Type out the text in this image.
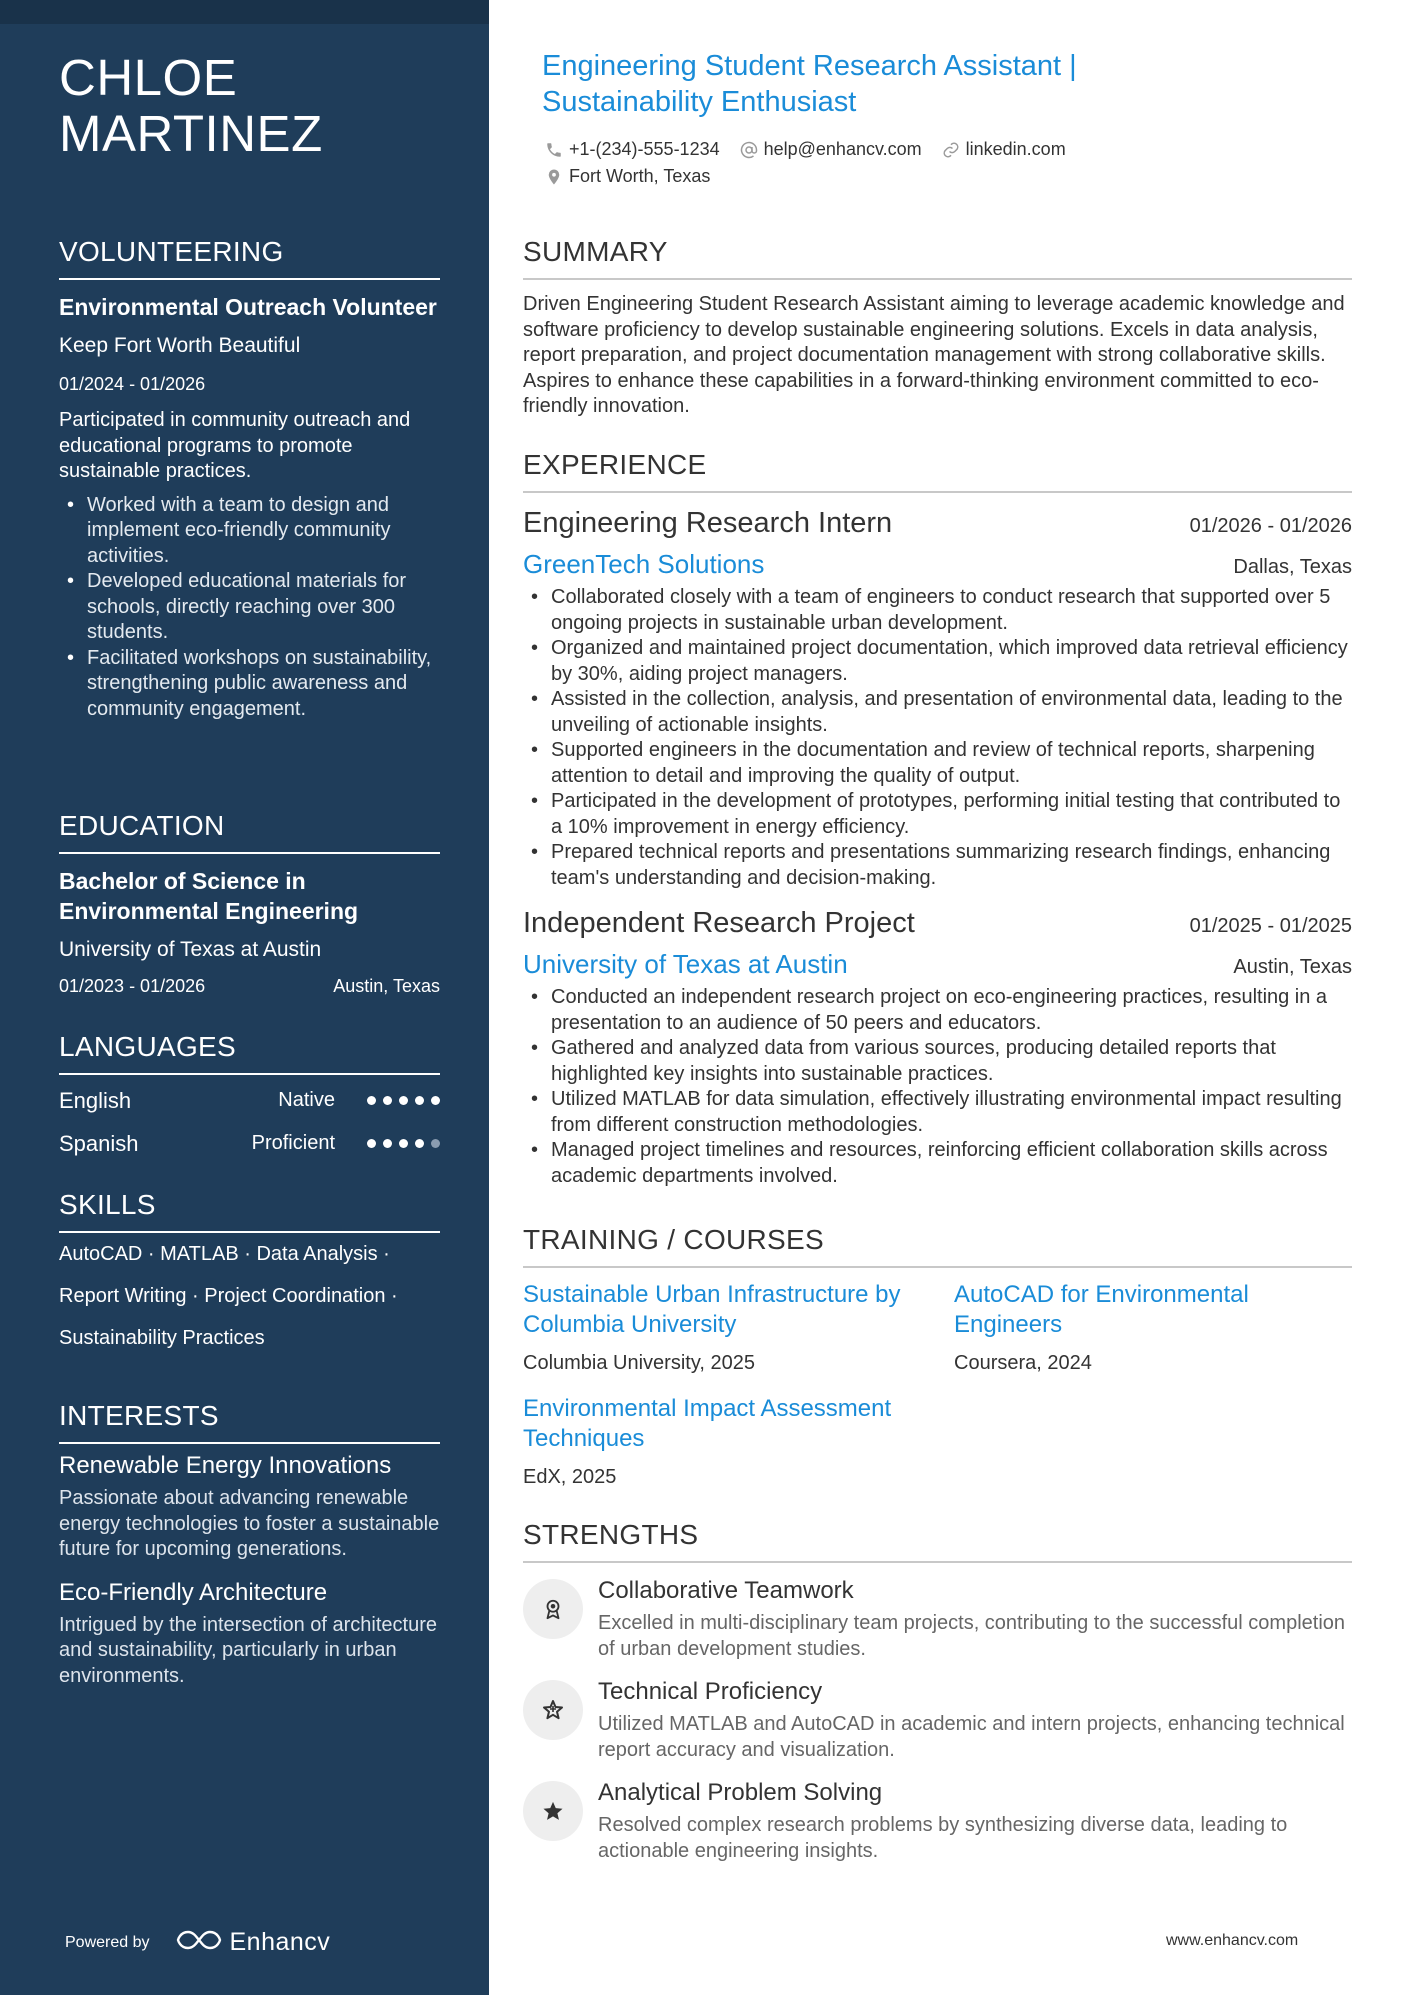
CHLOE MARTINEZ
VOLUNTEERING
Environmental Outreach Volunteer
Keep Fort Worth Beautiful
01/2024 - 01/2026
Participated in community outreach and educational programs to promote sustainable practices.
• Worked with a team to design and implement eco-friendly community activities.
• Developed educational materials for schools, directly reaching over 300 students.
• Facilitated workshops on sustainability, strengthening public awareness and community engagement.
EDUCATION
Bachelor of Science in Environmental Engineering
University of Texas at Austin
01/2023 - 01/2026	Austin, Texas
LANGUAGES
English	Native
Spanish	Proficient
SKILLS
AutoCAD · MATLAB · Data Analysis ·
Report Writing · Project Coordination ·
Sustainability Practices
INTERESTS
Renewable Energy Innovations
Passionate about advancing renewable energy technologies to foster a sustainable future for upcoming generations.
Eco-Friendly Architecture
Intrigued by the intersection of architecture and sustainability, particularly in urban environments.
Powered by	Enhancv
Engineering Student Research Assistant | Sustainability Enthusiast
+1-(234)-555-1234 help@enhancv.com linkedin.com
Fort Worth, Texas
SUMMARY

Driven Engineering Student Research Assistant aiming to leverage academic knowledge and software proficiency to develop sustainable engineering solutions. Excels in data analysis, report preparation, and project documentation management with strong collaborative skills. Aspires to enhance these capabilities in a forward-thinking environment committed to eco-friendly innovation.

EXPERIENCE
Engineering Research Intern	01/2026 - 01/2026
GreenTech Solutions	Dallas, Texas
• Collaborated closely with a team of engineers to conduct research that supported over 5 ongoing projects in sustainable urban development.
• Organized and maintained project documentation, which improved data retrieval efficiency by 30%, aiding project managers.
• Assisted in the collection, analysis, and presentation of environmental data, leading to the unveiling of actionable insights.
• Supported engineers in the documentation and review of technical reports, sharpening attention to detail and improving the quality of output.
• Participated in the development of prototypes, performing initial testing that contributed to a 10% improvement in energy efficiency.
• Prepared technical reports and presentations summarizing research findings, enhancing team's understanding and decision-making.
Independent Research Project	01/2025 - 01/2025
University of Texas at Austin	Austin, Texas
• Conducted an independent research project on eco-engineering practices, resulting in a presentation to an audience of 50 peers and educators.
• Gathered and analyzed data from various sources, producing detailed reports that highlighted key insights into sustainable practices.
• Utilized MATLAB for data simulation, effectively illustrating environmental impact resulting from different construction methodologies.
• Managed project timelines and resources, reinforcing efficient collaboration skills across academic departments involved.
TRAINING / COURSES
Sustainable Urban Infrastructure by Columbia University
Columbia University, 2025
AutoCAD for Environmental Engineers
Coursera, 2024
Environmental Impact Assessment Techniques
EdX, 2025
STRENGTHS
Collaborative Teamwork
Excelled in multi-disciplinary team projects, contributing to the successful completion of urban development studies.
Technical Proficiency
Utilized MATLAB and AutoCAD in academic and intern projects, enhancing technical report accuracy and visualization.
Analytical Problem Solving
Resolved complex research problems by synthesizing diverse data, leading to actionable engineering insights.
www.enhancv.com
